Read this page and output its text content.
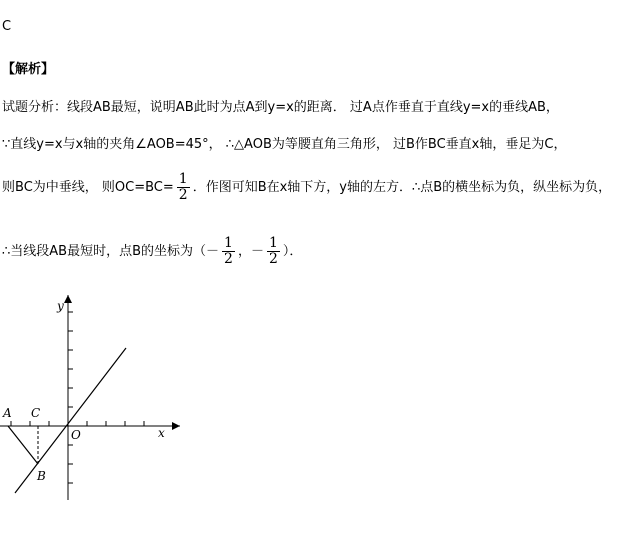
C
【解析】
试题分析：线段AB最短，说明AB此时为点A到y=x的距离． 过A点作垂直于直线y=x的垂线AB，
∵直线y=x与x轴的夹角∠AOB=45°， ∴△AOB为等腰直角三角形， 过B作BC垂直x轴，垂足为C，
则BC为中垂线， 则$OC=BC= \frac{1}{2}$ ．作图可知B在x轴下方，y轴的左方．∴点B的横坐标为负，纵坐标为负，
∴当线段AB最短时，点B的坐标为（－ $\frac{1}{2}$ ，－ $\frac{1}{2}$ ）．
y
x
A C
O
B
